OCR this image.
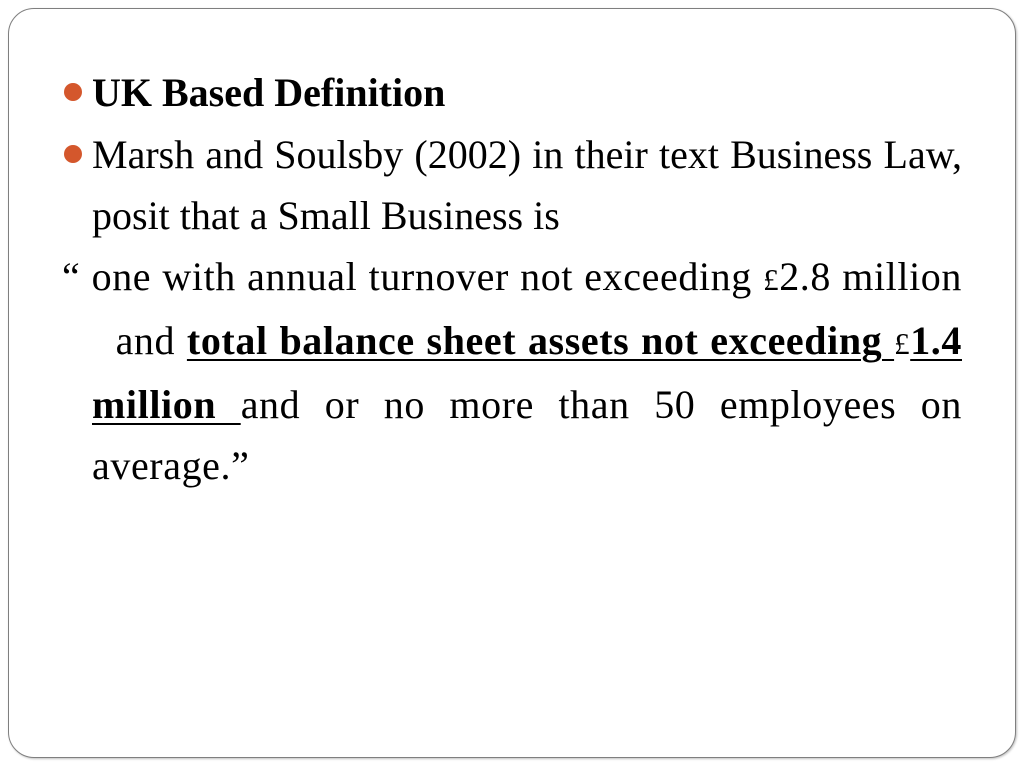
UK Based Definition

Marsh and Soulsby (2002) in their text Business Law, posit that a Small Business is

“ one with annual turnover not exceeding £2.8 million  and total balance sheet assets not exceeding £1.4 million and or no more than 50 employees on average.”
